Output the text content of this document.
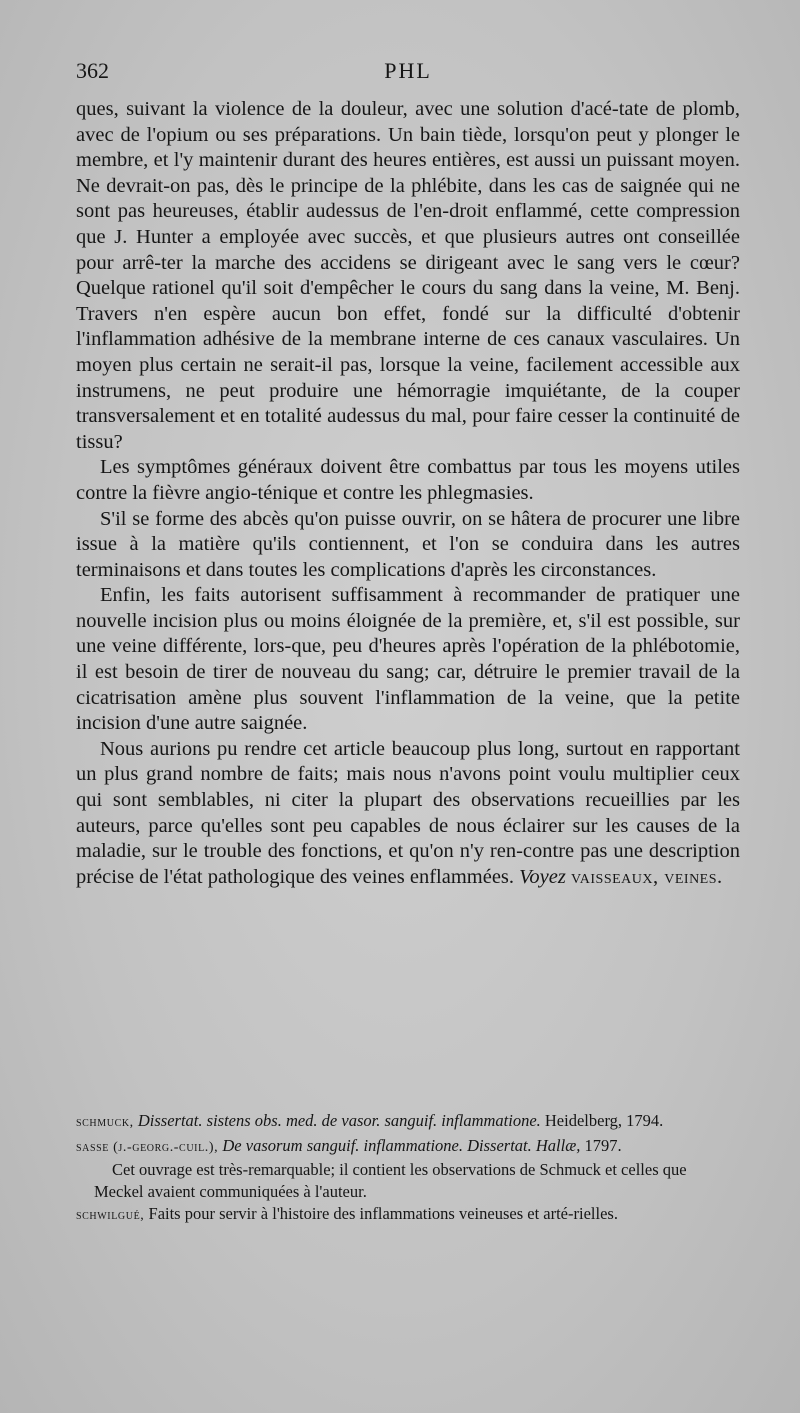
362	PHL

ques, suivant la violence de la douleur, avec une solution d'acé-tate de plomb, avec de l'opium ou ses préparations. Un bain tiède, lorsqu'on peut y plonger le membre, et l'y maintenir durant des heures entières, est aussi un puissant moyen. Ne devrait-on pas, dès le principe de la phlébite, dans les cas de saignée qui ne sont pas heureuses, établir audessus de l'en-droit enflammé, cette compression que J. Hunter a employée avec succès, et que plusieurs autres ont conseillée pour arrê-ter la marche des accidens se dirigeant avec le sang vers le cœur? Quelque rationel qu'il soit d'empêcher le cours du sang dans la veine, M. Benj. Travers n'en espère aucun bon effet, fondé sur la difficulté d'obtenir l'inflammation adhésive de la membrane interne de ces canaux vasculaires. Un moyen plus certain ne serait-il pas, lorsque la veine, facilement accessible aux instrumens, ne peut produire une hémorragie imquiétante, de la couper transversalement et en totalité audessus du mal, pour faire cesser la continuité de tissu?

Les symptômes généraux doivent être combattus par tous les moyens utiles contre la fièvre angio-ténique et contre les phlegmasies.

S'il se forme des abcès qu'on puisse ouvrir, on se hâtera de procurer une libre issue à la matière qu'ils contiennent, et l'on se conduira dans les autres terminaisons et dans toutes les complications d'après les circonstances.

Enfin, les faits autorisent suffisamment à recommander de pratiquer une nouvelle incision plus ou moins éloignée de la première, et, s'il est possible, sur une veine différente, lors-que, peu d'heures après l'opération de la phlébotomie, il est besoin de tirer de nouveau du sang; car, détruire le premier travail de la cicatrisation amène plus souvent l'inflammation de la veine, que la petite incision d'une autre saignée.

Nous aurions pu rendre cet article beaucoup plus long, surtout en rapportant un plus grand nombre de faits; mais nous n'avons point voulu multiplier ceux qui sont semblables, ni citer la plupart des observations recueillies par les auteurs, parce qu'elles sont peu capables de nous éclairer sur les causes de la maladie, sur le trouble des fonctions, et qu'on n'y ren-contre pas une description précise de l'état pathologique des veines enflammées. Voyez vaisseaux, veines.

schmuck, Dissertat. sistens obs. med. de vasor. sanguif. inflammatione. Heidelberg, 1794.

sasse (j.-georg.-cuil.), De vasorum sanguif. inflammatione. Dissertat. Hallæ, 1797.

Cet ouvrage est très-remarquable; il contient les observations de Schmuck et celles que Meckel avaient communiquées à l'auteur.

schwilgué, Faits pour servir à l'histoire des inflammations veineuses et arté-rielles.
